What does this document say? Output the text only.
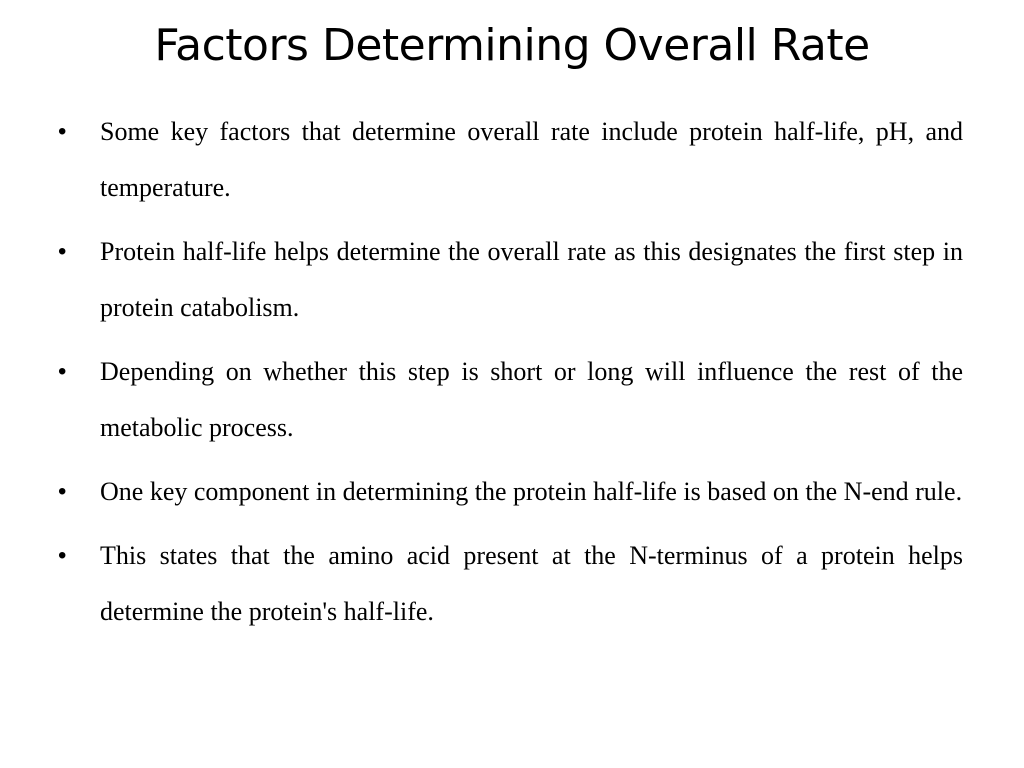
Factors Determining Overall Rate
• Some key factors that determine overall rate include protein half-life, pH, and temperature.
• Protein half-life helps determine the overall rate as this designates the first step in protein catabolism.
• Depending on whether this step is short or long will influence the rest of the metabolic process.
• One key component in determining the protein half-life is based on the N-end rule.
• This states that the amino acid present at the N-terminus of a protein helps determine the protein's half-life.
